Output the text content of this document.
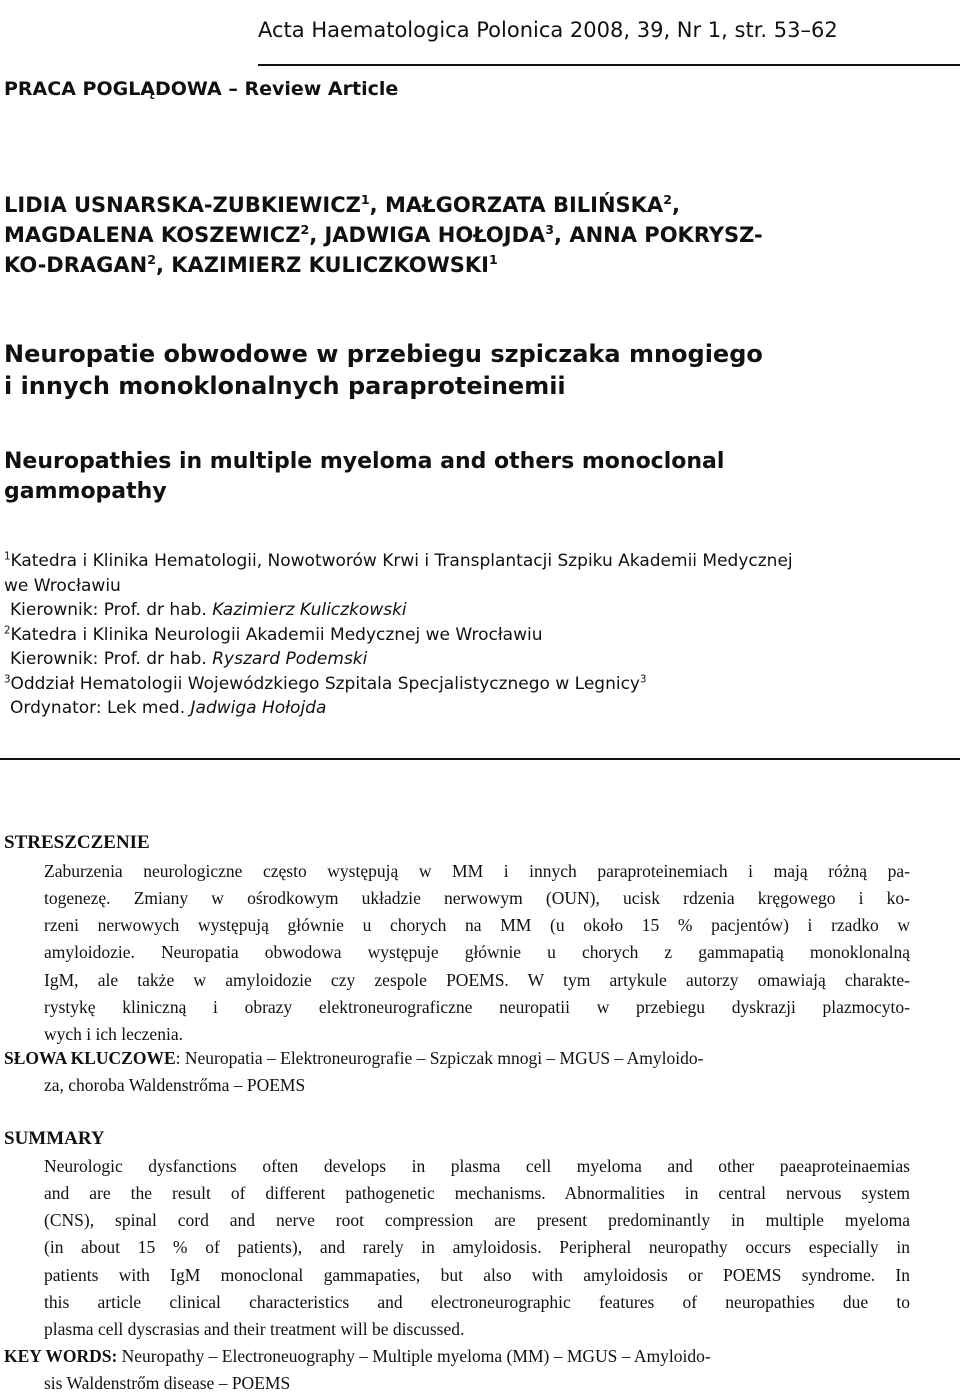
Acta Haematologica Polonica 2008, 39, Nr 1, str. 53–62
PRACA POGLĄDOWA – Review Article
LIDIA USNARSKA-ZUBKIEWICZ$^1$, MAŁGORZATA BILIŃSKA$^2$,
MAGDALENA KOSZEWICZ$^2$, JADWIGA HOŁOJDA$^3$, ANNA POKRYSZ-
KO-DRAGAN$^2$, KAZIMIERZ KULICZKOWSKI$^1$
Neuropatie obwodowe w przebiegu szpiczaka mnogiego
i innych monoklonalnych paraproteinemii
Neuropathies in multiple myeloma and others monoclonal
gammopathy
$^1$Katedra i Klinika Hematologii, Nowotworów Krwi i Transplantacji Szpiku Akademii Medycznej
we Wrocławiu
Kierownik: Prof. dr hab. Kazimierz Kuliczkowski
$^2$Katedra i Klinika Neurologii Akademii Medycznej we Wrocławiu
Kierownik: Prof. dr hab. Ryszard Podemski
$^3$Oddział Hematologii Wojewódzkiego Szpitala Specjalistycznego w Legnicy$^3$
Ordynator: Lek med. Jadwiga Hołojda
STRESZCZENIE
Zaburzenia neurologiczne często występują w MM i innych paraproteinemiach i mają różną pa-
togenezę. Zmiany w ośrodkowym układzie nerwowym (OUN), ucisk rdzenia kręgowego i ko-
rzeni nerwowych występują głównie u chorych na MM (u około 15 % pacjentów) i rzadko w
amyloidozie. Neuropatia obwodowa występuje głównie u chorych z gammapatią monoklonalną
IgM, ale także w amyloidozie czy zespole POEMS. W tym artykule autorzy omawiają charakte-
rystykę kliniczną i obrazy elektroneurograficzne neuropatii w przebiegu dyskrazji plazmocyto-
wych i ich leczenia.
SŁOWA KLUCZOWE: Neuropatia – Elektroneurografie – Szpiczak mnogi – MGUS – Amyloido-
za, choroba Waldenstrőma – POEMS
SUMMARY
Neurologic dysfanctions often develops in plasma cell myeloma and other paeaproteinaemias
and are the result of different pathogenetic mechanisms. Abnormalities in central nervous system
(CNS), spinal cord and nerve root compression are present predominantly in multiple myeloma
(in about 15 % of patients), and rarely in amyloidosis. Peripheral neuropathy occurs especially in
patients with IgM monoclonal gammapaties, but also with amyloidosis or POEMS syndrome. In
this article clinical characteristics and electroneurographic features of neuropathies due to
plasma cell dyscrasias and their treatment will be discussed.
KEY WORDS: Neuropathy – Electroneuography – Multiple myeloma (MM) – MGUS – Amyloido-
sis Waldenstrőm disease – POEMS
